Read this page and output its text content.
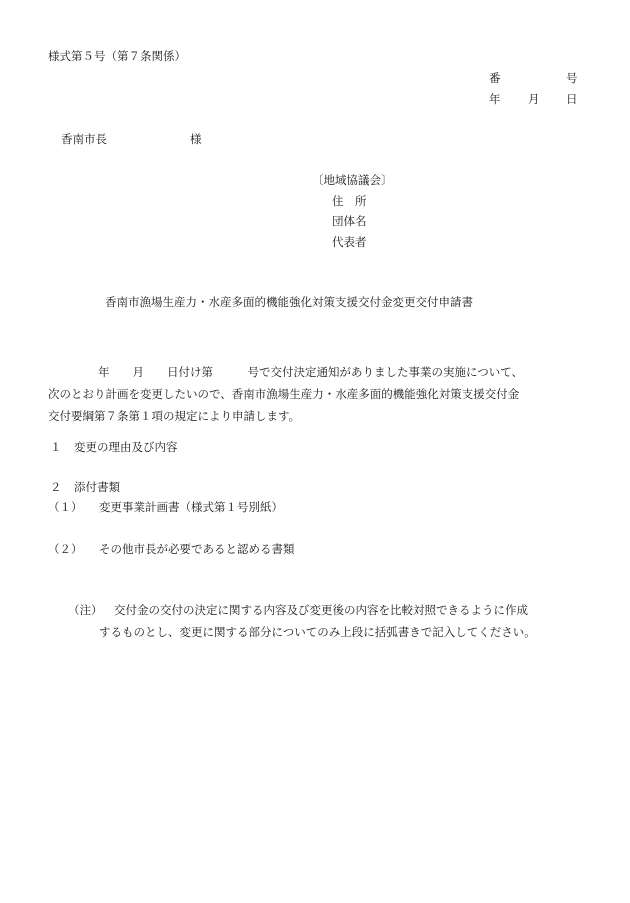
様式第５号（第７条関係）
番	号
年 月 日
香南市長	様
〔地域協議会〕
住　所
団体名
代表者
香南市漁場生産力・水産多面的機能強化対策支援交付金変更交付申請書
年　　月　　日付け第　　　号で交付決定通知がありました事業の実施について、
次のとおり計画を変更したいので、香南市漁場生産力・水産多面的機能強化対策支援交付金
交付要綱第７条第１項の規定により申請します。
１ 変更の理由及び内容
２ 添付書類
（１） 変更事業計画書（様式第１号別紙）
（２） その他市長が必要であると認める書類
（注） 交付金の交付の決定に関する内容及び変更後の内容を比較対照できるように作成
するものとし、変更に関する部分についてのみ上段に括弧書きで記入してください。
